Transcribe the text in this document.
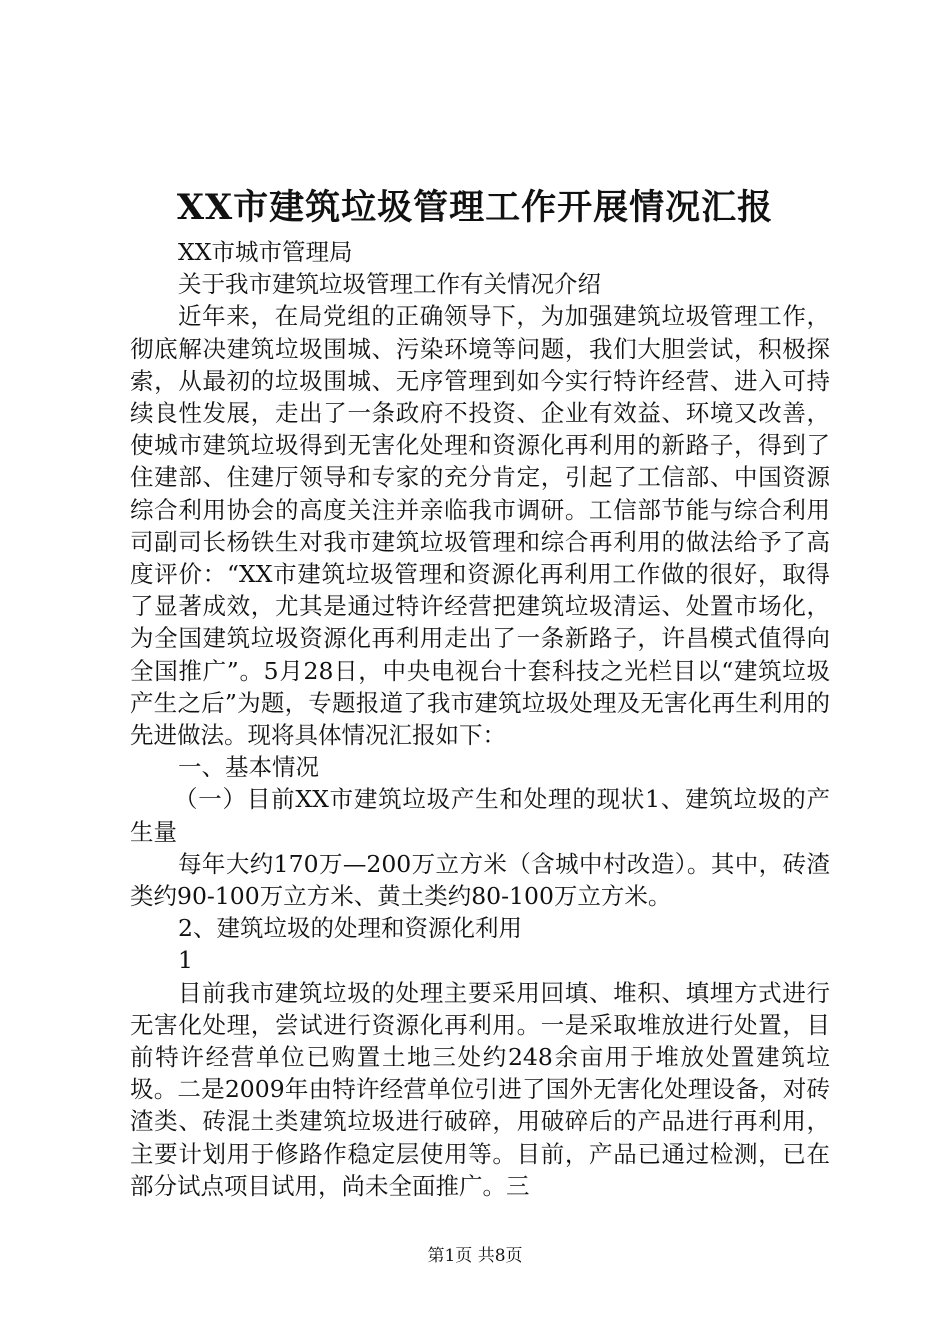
XX市建筑垃圾管理工作开展情况汇报

XX市城市管理局

关于我市建筑垃圾管理工作有关情况介绍

近年来，在局党组的正确领导下，为加强建筑垃圾管理工作，彻底解决建筑垃圾围城、污染环境等问题，我们大胆尝试，积极探索，从最初的垃圾围城、无序管理到如今实行特许经营、进入可持续良性发展，走出了一条政府不投资、企业有效益、环境又改善，使城市建筑垃圾得到无害化处理和资源化再利用的新路子，得到了住建部、住建厅领导和专家的充分肯定，引起了工信部、中国资源综合利用协会的高度关注并亲临我市调研。工信部节能与综合利用司副司长杨铁生对我市建筑垃圾管理和综合再利用的做法给予了高度评价：“XX市建筑垃圾管理和资源化再利用工作做的很好，取得了显著成效，尤其是通过特许经营把建筑垃圾清运、处置市场化，为全国建筑垃圾资源化再利用走出了一条新路子，许昌模式值得向全国推广”。5月28日，中央电视台十套科技之光栏目以“建筑垃圾产生之后”为题，专题报道了我市建筑垃圾处理及无害化再生利用的先进做法。现将具体情况汇报如下：

一、基本情况

（一）目前XX市建筑垃圾产生和处理的现状1、建筑垃圾的产生量

每年大约170万—200万立方米（含城中村改造）。其中，砖渣类约90-100万立方米、黄土类约80-100万立方米。

2、建筑垃圾的处理和资源化利用

1

目前我市建筑垃圾的处理主要采用回填、堆积、填埋方式进行无害化处理，尝试进行资源化再利用。一是采取堆放进行处置，目前特许经营单位已购置土地三处约248余亩用于堆放处置建筑垃圾。二是2009年由特许经营单位引进了国外无害化处理设备，对砖渣类、砖混土类建筑垃圾进行破碎，用破碎后的产品进行再利用，主要计划用于修路作稳定层使用等。目前，产品已通过检测，已在部分试点项目试用，尚未全面推广。三

第1页 共8页
